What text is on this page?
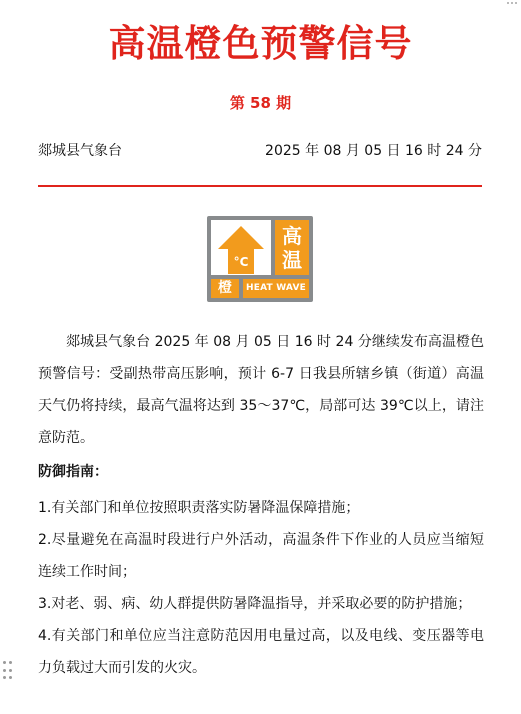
高温橙色预警信号
第 58 期
郯城县气象台	2025 年 08 月 05 日 16 时 24 分
°C
高
温
橙	HEAT WAVE
郯城县气象台 2025 年 08 月 05 日 16 时 24 分继续发布高温橙色预警信号：受副热带高压影响，预计 6-7 日我县所辖乡镇（街道）高温天气仍将持续，最高气温将达到 35～37℃，局部可达 39℃以上，请注意防范。
防御指南：
1.有关部门和单位按照职责落实防暑降温保障措施；
2.尽量避免在高温时段进行户外活动，高温条件下作业的人员应当缩短连续工作时间；
3.对老、弱、病、幼人群提供防暑降温指导，并采取必要的防护措施；
4.有关部门和单位应当注意防范因用电量过高，以及电线、变压器等电力负载过大而引发的火灾。
